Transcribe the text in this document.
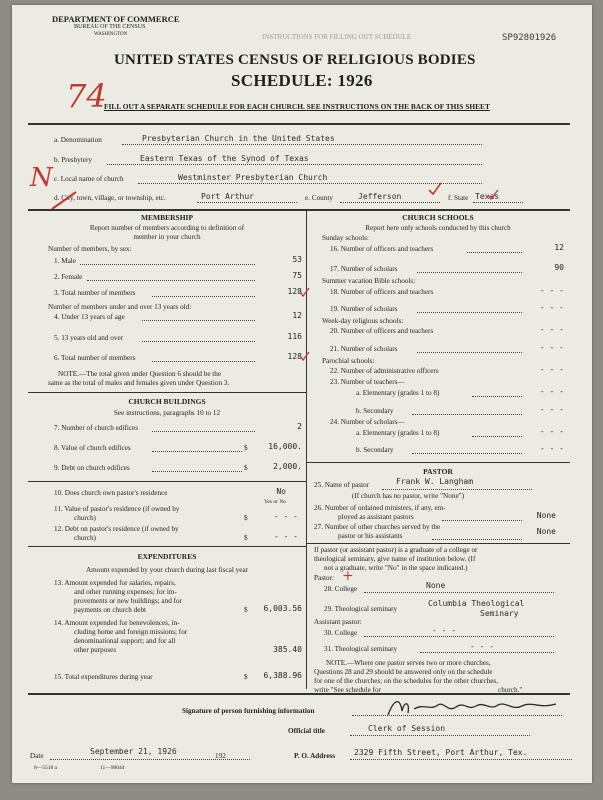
DEPARTMENT OF COMMERCE
BUREAU OF THE CENSUS
WASHINGTON	INSTRUCTIONS FOR FILLING OUT SCHEDULE	SP92801926
UNITED STATES CENSUS OF RELIGIOUS BODIES
SCHEDULE: 1926
74
FILL OUT A SEPARATE SCHEDULE FOR EACH CHURCH. SEE INSTRUCTIONS ON THE BACK OF THIS SHEET
a. Denomination	Presbyterian Church in the United States
b. Presbytery	Eastern Texas of the Synod of Texas
c. Local name of church	Westminster Presbyterian Church
d. City, town, village, or township, etc.	Port Arthur	e. County	Jefferson	f. State Texas
N
MEMBERSHIP
Report number of members according to definition of
member in your church
Number of members, by sex:
1. Male	53
2. Female	75
3. Total number of members	128
Number of members under and over 13 years old:
4. Under 13 years of age	12
5. 13 years old and over	116
6. Total number of members	128
NOTE.—The total given under Question 6 should be the
same as the total of males and females given under Question 3.
CHURCH BUILDINGS
See instructions, paragraphs 10 to 12
7. Number of church edifices	2
8. Value of church edifices	$	16,000.
9. Debt on church edifices	$	2,000.
10. Does church own pastor's residence	No
Yes or No
11. Value of pastor's residence (if owned by
church)	$	- - -
12. Debt on pastor's residence (if owned by
church)	$	- - -
EXPENDITURES
Amount expended by your church during last fiscal year
13. Amount expended for salaries, repairs,
and other running expenses; for im-
provements or new buildings; and for
payments on church debt	$	6,003.56
14. Amount expended for benevolences, in-
cluding home and foreign missions; for
denominational support; and for all
other purposes	385.40
15. Total expenditures during year	$	6,388.96
CHURCH SCHOOLS
Report here only schools conducted by this church
Sunday schools:
16. Number of officers and teachers	12
17. Number of scholars	90
Summer vacation Bible schools:
18. Number of officers and teachers	- - -
19. Number of scholars	- - -
Week-day religious schools:
20. Number of officers and teachers	- - -
21. Number of scholars	- - -
Parochial schools:
22. Number of administrative officers	- - -
23. Number of teachers—
a. Elementary (grades 1 to 8)	- - -
b. Secondary	- - -
24. Number of scholars—
a. Elementary (grades 1 to 8)	- - -
b. Secondary	- - -
PASTOR
25. Name of pastor	Frank W. Langham
(If church has no pastor, write "None")
26. Number of ordained ministers, if any, em-
ployed as assistant pastors	None
27. Number of other churches served by the
pastor or his assistants	None
If pastor (or assistant pastor) is a graduate of a college or
theological seminary, give name of institution below. (If
not a graduate, write "No" in the space indicated.)
Pastor: +
28. College	None
29. Theological seminary
Columbia Theological
Seminary
Assistant pastor:
30. College	- - -
31. Theological seminary	- - -
NOTE.—Where one pastor serves two or more churches,
Questions 28 and 29 should be answered only on the schedule
for one of the churches; on the schedules for the other churches,
write "See schedule for	church."
Signature of person furnishing information
Official title	Clerk of Session
Date	September 21, 1926	192	P. O. Address 2329 Fifth Street, Port Arthur, Tex.
8—5518 a	11—90044
